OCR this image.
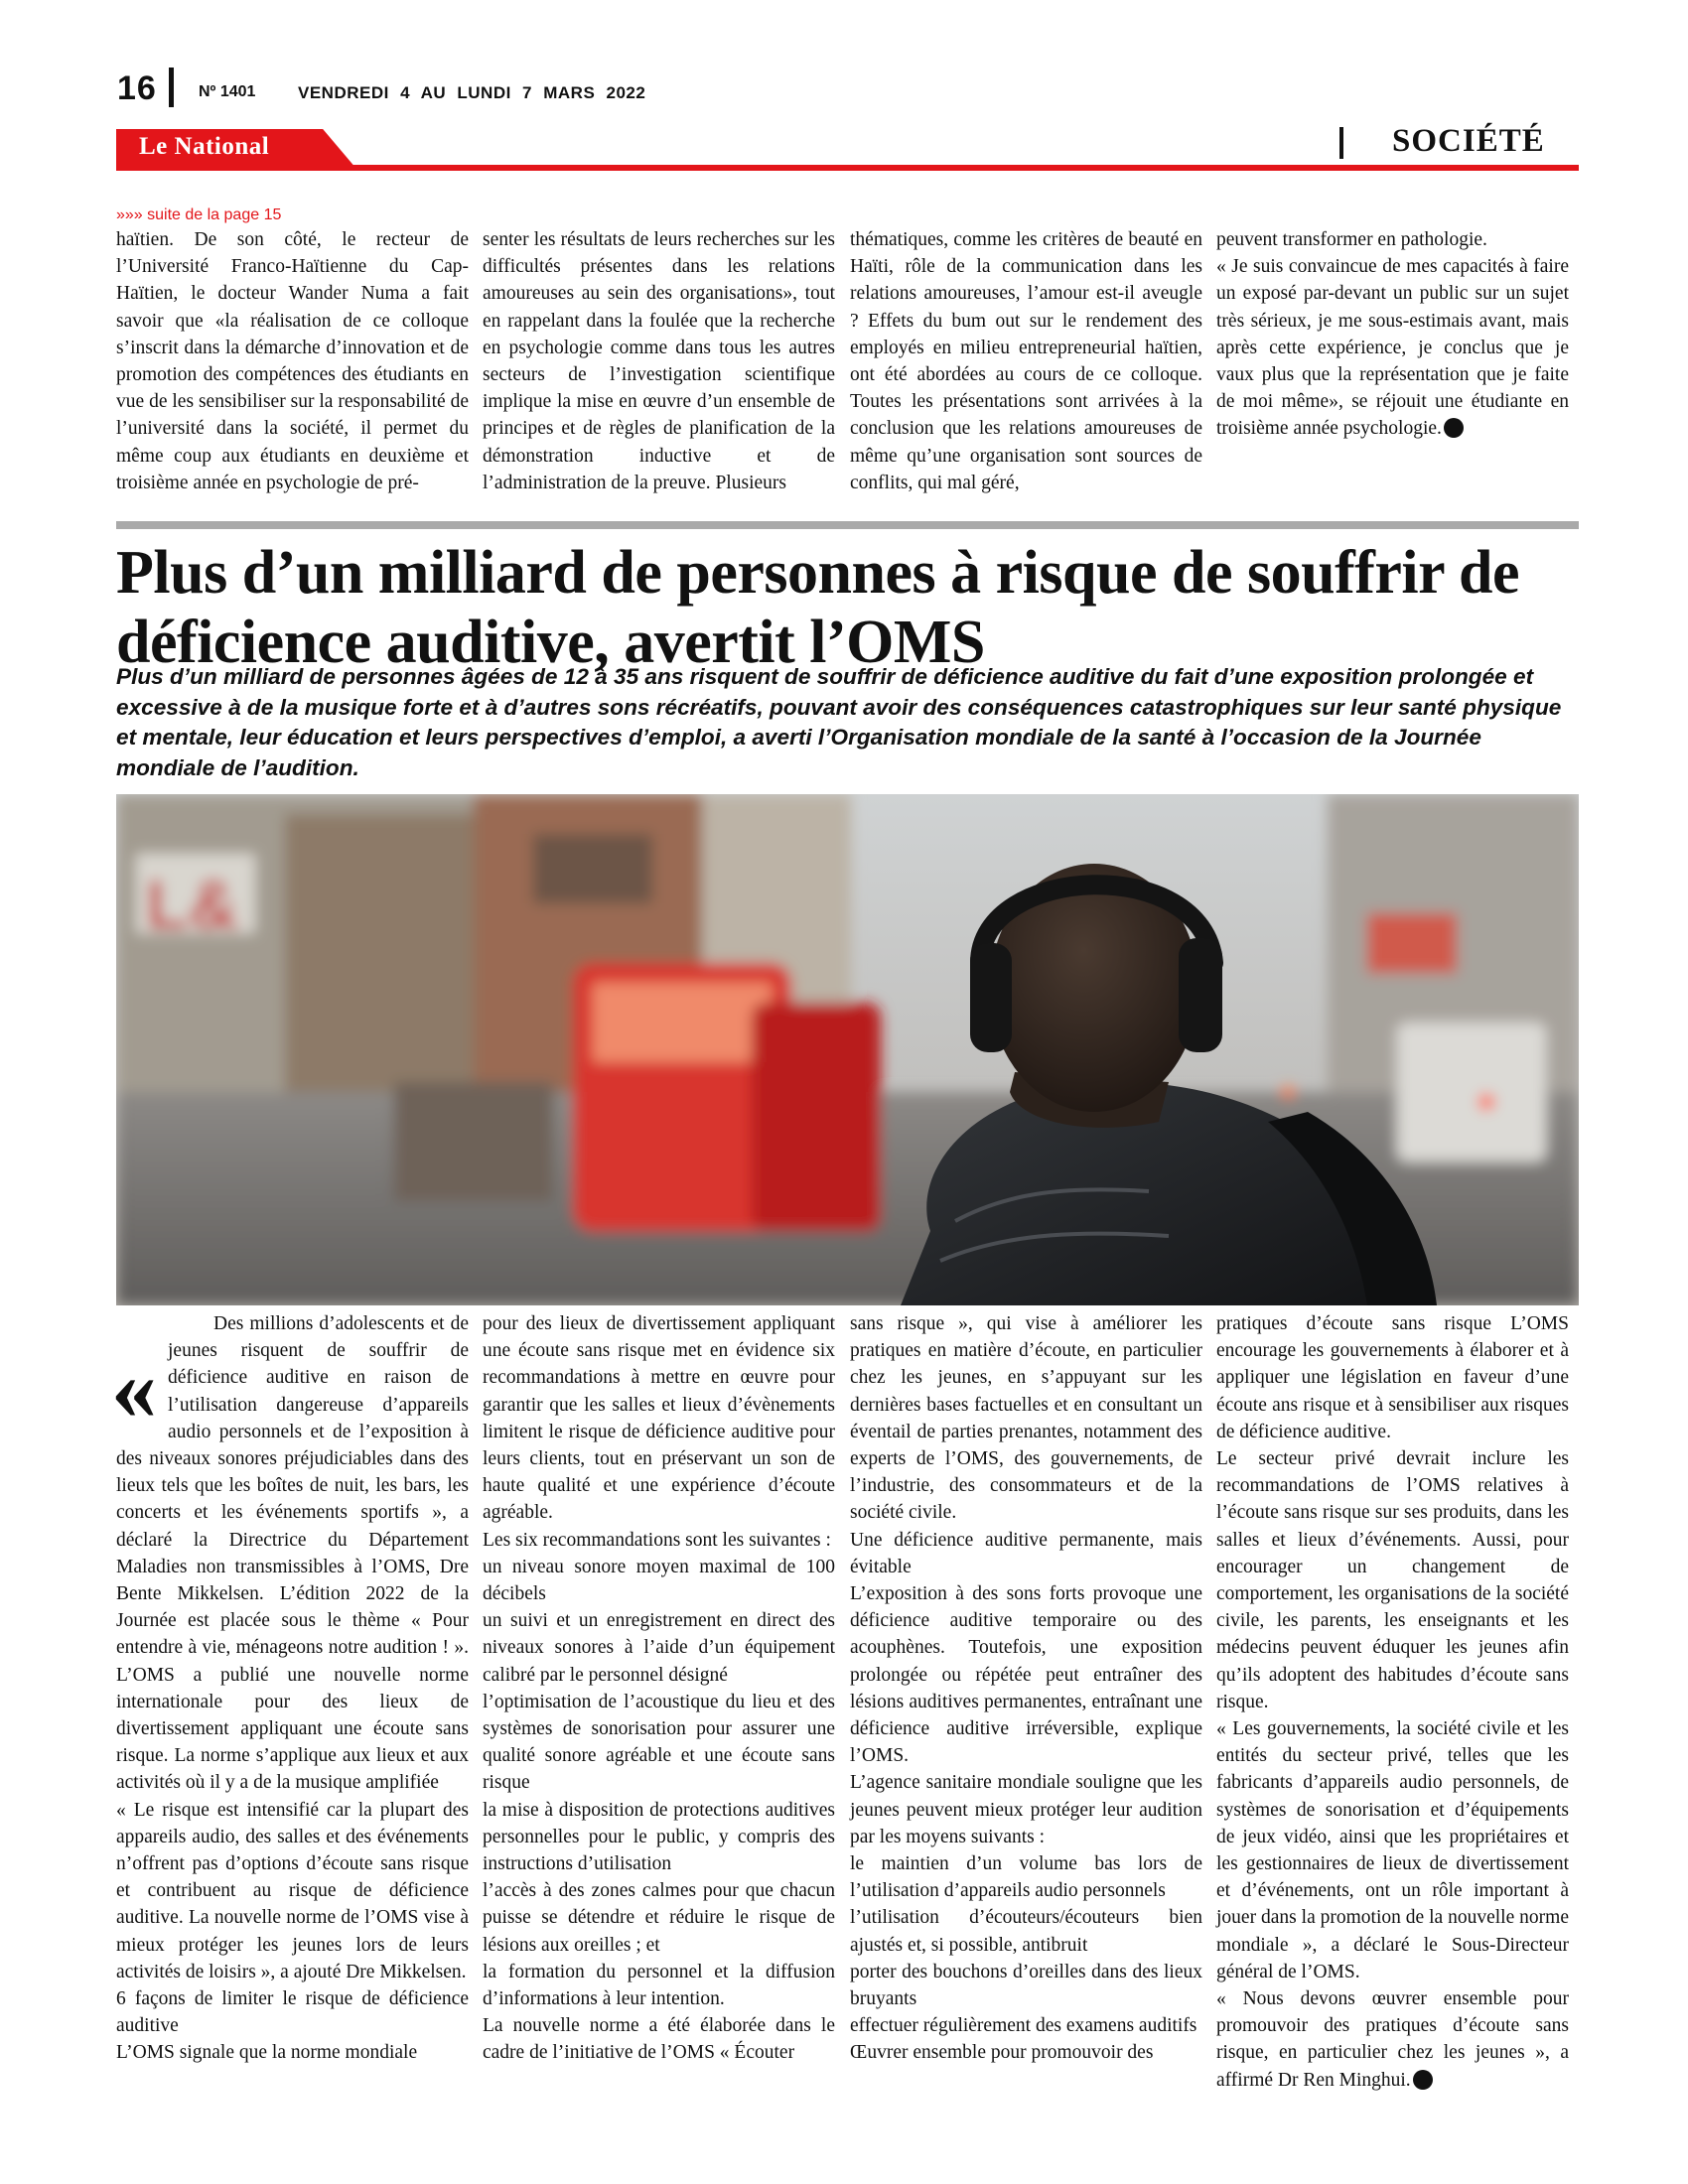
16	Nº 1401	VENDREDI 4 AU LUNDI 7 MARS 2022
Le National	SOCIÉTÉ
»»» suite de la page 15

haïtien. De son côté, le recteur de l’Université Franco-Haïtienne du Cap-Haïtien, le docteur Wander Numa a fait savoir que «la réalisation de ce colloque s’inscrit dans la démarche d’innovation et de promotion des compétences des étudiants en vue de les sensibiliser sur la responsabilité de l’université dans la société, il permet du même coup aux étudiants en deuxième et troisième année en psychologie de pré-

senter les résultats de leurs recherches sur les difficultés présentes dans les relations amoureuses au sein des organisations», tout en rappelant dans la foulée que la recherche en psychologie comme dans tous les autres secteurs de l’investigation scientifique implique la mise en œuvre d’un ensemble de principes et de règles de planification de la démonstration inductive et de l’administration de la preuve. Plusieurs

thématiques, comme les critères de beauté en Haïti, rôle de la communication dans les relations amoureuses, l’amour est-il aveugle ? Effets du bum out sur le rendement des employés en milieu entrepreneurial haïtien, ont été abordées au cours de ce colloque. Toutes les présentations sont arrivées à la conclusion que les relations amoureuses de même qu’une organisation sont sources de conflits, qui mal géré,

peuvent transformer en pathologie.

« Je suis convaincue de mes capacités à faire un exposé par-devant un public sur un sujet très sérieux, je me sous-estimais avant, mais après cette expérience, je conclus que je vaux plus que la représentation que je faite de moi même», se réjouit une étudiante en troisième année psychologie.

Plus d’un milliard de personnes à risque de souffrir de déficience auditive, avertit l’OMS

Plus d’un milliard de personnes âgées de 12 à 35 ans risquent de souffrir de déficience auditive du fait d’une exposition prolongée et excessive à de la musique forte et à d’autres sons récréatifs, pouvant avoir des conséquences catastrophiques sur leur santé physique et mentale, leur éducation et leurs perspectives d’emploi, a averti l’Organisation mondiale de la santé à l’occasion de la Journée mondiale de l’audition.

L&
«

Des millions d’adolescents et de jeunes risquent de souffrir de déficience auditive en raison de l’utilisation dangereuse d’appareils audio personnels et de l’exposition à des niveaux sonores préjudiciables dans des lieux tels que les boîtes de nuit, les bars, les concerts et les événements sportifs », a déclaré la Directrice du Département Maladies non transmissibles à l’OMS, Dre Bente Mikkelsen. L’édition 2022 de la Journée est placée sous le thème « Pour entendre à vie, ménageons notre audition ! ». L’OMS a publié une nouvelle norme internationale pour des lieux de divertissement appliquant une écoute sans risque. La norme s’applique aux lieux et aux activités où il y a de la musique amplifiée

« Le risque est intensifié car la plupart des appareils audio, des salles et des événements n’offrent pas d’options d’écoute sans risque et contribuent au risque de déficience auditive. La nouvelle norme de l’OMS vise à mieux protéger les jeunes lors de leurs activités de loisirs », a ajouté Dre Mikkelsen.

6 façons de limiter le risque de déficience auditive

L’OMS signale que la norme mondiale

pour des lieux de divertissement appliquant une écoute sans risque met en évidence six recommandations à mettre en œuvre pour garantir que les salles et lieux d’évènements limitent le risque de déficience auditive pour leurs clients, tout en préservant un son de haute qualité et une expérience d’écoute agréable.

Les six recommandations sont les suivantes :

un niveau sonore moyen maximal de 100 décibels

un suivi et un enregistrement en direct des niveaux sonores à l’aide d’un équipement calibré par le personnel désigné

l’optimisation de l’acoustique du lieu et des systèmes de sonorisation pour assurer une qualité sonore agréable et une écoute sans risque

la mise à disposition de protections auditives personnelles pour le public, y compris des instructions d’utilisation

l’accès à des zones calmes pour que chacun puisse se détendre et réduire le risque de lésions aux oreilles ; et

la formation du personnel et la diffusion d’informations à leur intention.

La nouvelle norme a été élaborée dans le cadre de l’initiative de l’OMS « Écouter

sans risque », qui vise à améliorer les pratiques en matière d’écoute, en particulier chez les jeunes, en s’appuyant sur les dernières bases factuelles et en consultant un éventail de parties prenantes, notamment des experts de l’OMS, des gouvernements, de l’industrie, des consommateurs et de la société civile.

Une déficience auditive permanente, mais évitable

L’exposition à des sons forts provoque une déficience auditive temporaire ou des acouphènes. Toutefois, une exposition prolongée ou répétée peut entraîner des lésions auditives permanentes, entraînant une déficience auditive irréversible, explique l’OMS.

L’agence sanitaire mondiale souligne que les jeunes peuvent mieux protéger leur audition par les moyens suivants :

le maintien d’un volume bas lors de l’utilisation d’appareils audio personnels

l’utilisation d’écouteurs/écouteurs bien ajustés et, si possible, antibruit

porter des bouchons d’oreilles dans des lieux bruyants

effectuer régulièrement des examens auditifs

Œuvrer ensemble pour promouvoir des

pratiques d’écoute sans risque L’OMS encourage les gouvernements à élaborer et à appliquer une législation en faveur d’une écoute ans risque et à sensibiliser aux risques de déficience auditive.

Le secteur privé devrait inclure les recommandations de l’OMS relatives à l’écoute sans risque sur ses produits, dans les salles et lieux d’événements. Aussi, pour encourager un changement de comportement, les organisations de la société civile, les parents, les enseignants et les médecins peuvent éduquer les jeunes afin qu’ils adoptent des habitudes d’écoute sans risque.

« Les gouvernements, la société civile et les entités du secteur privé, telles que les fabricants d’appareils audio personnels, de systèmes de sonorisation et d’équipements de jeux vidéo, ainsi que les propriétaires et les gestionnaires de lieux de divertissement et d’événements, ont un rôle important à jouer dans la promotion de la nouvelle norme mondiale », a déclaré le Sous-Directeur général de l’OMS.

« Nous devons œuvrer ensemble pour promouvoir des pratiques d’écoute sans risque, en particulier chez les jeunes », a affirmé Dr Ren Minghui.
